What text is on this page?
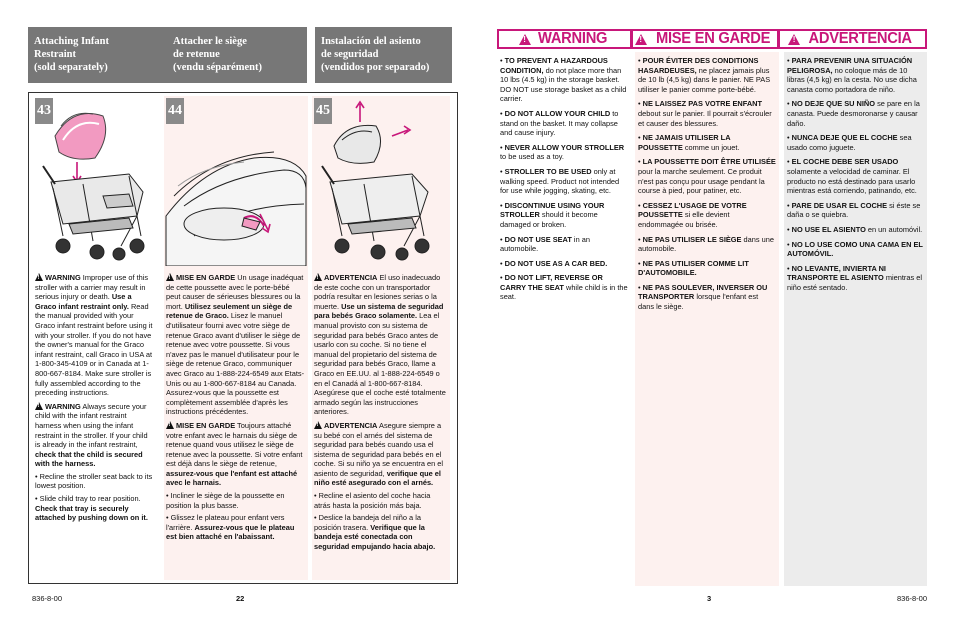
Attaching Infant
Restraint
(sold separately)
Attacher le siège
de retenue
(vendu séparément)
Instalación del asiento
de seguridad
(vendidos por separado)
43

!WARNING Improper use of this stroller with a carrier may result in serious injury or death. Use a Graco infant restraint only. Read the manual provided with your Graco infant restraint before using it with your stroller. If you do not have the owner's manual for the Graco infant restraint, call Graco in USA at 1-800-345-4109 or in Canada at 1-800-667-8184. Make sure stroller is fully assembled according to the preceding instructions.

!WARNING Always secure your child with the infant restraint harness when using the infant restraint in the stroller. If your child is already in the infant restraint, check that the child is secured with the harness.

• Recline the stroller seat back to its lowest position.

• Slide child tray to rear position. Check that tray is securely attached by pushing down on it.

44

!MISE EN GARDE Un usage inadéquat de cette poussette avec le porte-bébé peut causer de sérieuses blessures ou la mort. Utilisez seulement un siège de retenue de Graco. Lisez le manuel d'utilisateur fourni avec votre siège de retenue Graco avant d'utiliser le siège de retenue avec votre poussette. Si vous n'avez pas le manuel d'utilisateur pour le siège de retenue Graco, communiquer avec Graco au 1-888-224-6549 aux Etats-Unis ou au 1-800-667-8184 au Canada. Assurez-vous que la poussette est complètement assemblée d'après les instructions précédentes.

!MISE EN GARDE Toujours attaché votre enfant avec le harnais du siège de retenue quand vous utilisez le siège de retenue avec la poussette. Si votre enfant est déjà dans le siège de retenue, assurez-vous que l'enfant est attaché avec le harnais.

• Incliner le siège de la poussette en position la plus basse.

• Glissez le plateau pour enfant vers l'arrière. Assurez-vous que le plateau est bien attaché en l'abaissant.

45

!ADVERTENCIA El uso inadecuado de este coche con un transportador podría resultar en lesiones serias o la muerte. Use un sistema de seguridad para bebés Graco solamente. Lea el manual provisto con su sistema de seguridad para bebés Graco antes de usarlo con su coche. Si no tiene el manual del propietario del sistema de seguridad para bebés Graco, llame a Graco en EE.UU. al 1-888-224-6549 o en el Canadá al 1-800-667-8184. Asegúrese que el coche esté totalmente armado según las instrucciones anteriores.

!ADVERTENCIA Asegure siempre a su bebé con el arnés del sistema de seguridad para bebés cuando usa el sistema de seguridad para bebés en el coche. Si su niño ya se encuentra en el asiento de seguridad, verifique que el niño esté asegurado con el arnés.

• Recline el asiento del coche hacia atrás hasta la posición más baja.

• Deslice la bandeja del niño a la posición trasera. Verifique que la bandeja esté conectada con seguridad empujando hacia abajo.

836-8-00	22
!
WARNING
!	MISE EN GARDE
! ADVERTENCIA

• TO PREVENT A HAZARDOUS CONDITION, do not place more than 10 lbs (4.5 kg) in the storage basket. DO NOT use storage basket as a child carrier.

• DO NOT ALLOW YOUR CHILD to stand on the basket. It may collapse and cause injury.

• NEVER ALLOW YOUR STROLLER to be used as a toy.

• STROLLER TO BE USED only at walking speed. Product not intended for use while jogging, skating, etc.

• DISCONTINUE USING YOUR STROLLER should it become damaged or broken.

• DO NOT USE SEAT in an automobile.

• DO NOT USE AS A CAR BED.

• DO NOT LIFT, REVERSE OR CARRY THE SEAT while child is in the seat.

• POUR ÉVITER DES CONDITIONS HASARDEUSES, ne placez jamais plus de 10 lb (4,5 kg) dans le panier. NE PAS utiliser le panier comme porte-bébé.

• NE LAISSEZ PAS VOTRE ENFANT debout sur le panier. Il pourrait s'écrouler et causer des blessures.

• NE JAMAIS UTILISER LA POUSSETTE comme un jouet.

• LA POUSSETTE DOIT ÊTRE UTILISÉE pour la marche seulement. Ce produit n'est pas conçu pour usage pendant la course à pied, pour patiner, etc.

• CESSEZ L'USAGE DE VOTRE POUSSETTE si elle devient endommagée ou brisée.

• NE PAS UTILISER LE SIÈGE dans une automobile.

• NE PAS UTILISER COMME LIT D'AUTOMOBILE.

• NE PAS SOULEVER, INVERSER OU TRANSPORTER lorsque l'enfant est dans le siège.

• PARA PREVENIR UNA SITUACIÓN PELIGROSA, no coloque más de 10 libras (4,5 kg) en la cesta. No use dicha canasta como portadora de niño.

• NO DEJE QUE SU NIÑO se pare en la canasta. Puede desmoronarse y causar daño.

• NUNCA DEJE QUE EL COCHE sea usado como juguete.

• EL COCHE DEBE SER USADO solamente a velocidad de caminar. El producto no está destinado para usarlo mientras está corriendo, patinando, etc.

• PARE DE USAR EL COCHE si éste se daña o se quiebra.

• NO USE EL ASIENTO en un automóvil.

• NO LO USE COMO UNA CAMA EN EL AUTOMÓVIL.

• NO LEVANTE, INVIERTA NI TRANSPORTE EL ASIENTO mientras el niño esté sentado.

3	836-8-00
